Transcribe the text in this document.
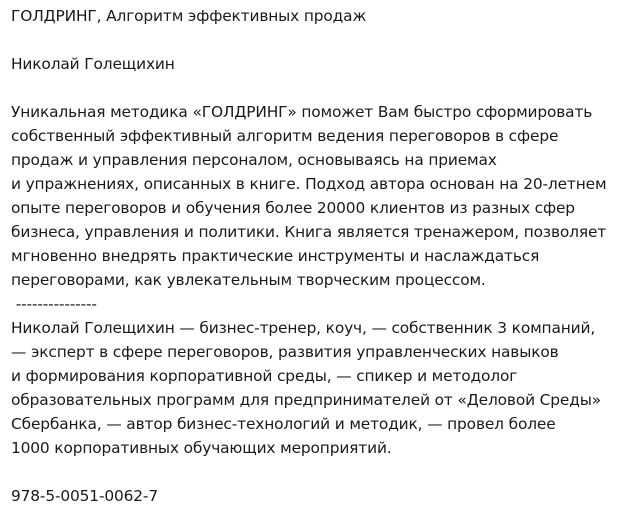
ГОЛДРИНГ, Алгоритм эффективных продаж
Николай Голещихин
Уникальная методика «ГОЛДРИНГ» поможет Вам быстро сформировать
собственный эффективный алгоритм ведения переговоров в сфере
продаж и управления персоналом, основываясь на приемах
и упражнениях, описанных в книге. Подход автора основан на 20-летнем
опыте переговоров и обучения более 20000 клиентов из разных сфер
бизнеса, управления и политики. Книга является тренажером, позволяет
мгновенно внедрять практические инструменты и наслаждаться
переговорами, как увлекательным творческим процессом.
---------------
Николай Голещихин — бизнес-тренер, коуч, — собственник 3 компаний,
— эксперт в сфере переговоров, развития управленческих навыков
и формирования корпоративной среды, — спикер и методолог
образовательных программ для предпринимателей от «Деловой Среды»
Сбербанка, — автор бизнес-технологий и методик, — провел более
1000 корпоративных обучающих мероприятий.
978-5-0051-0062-7
